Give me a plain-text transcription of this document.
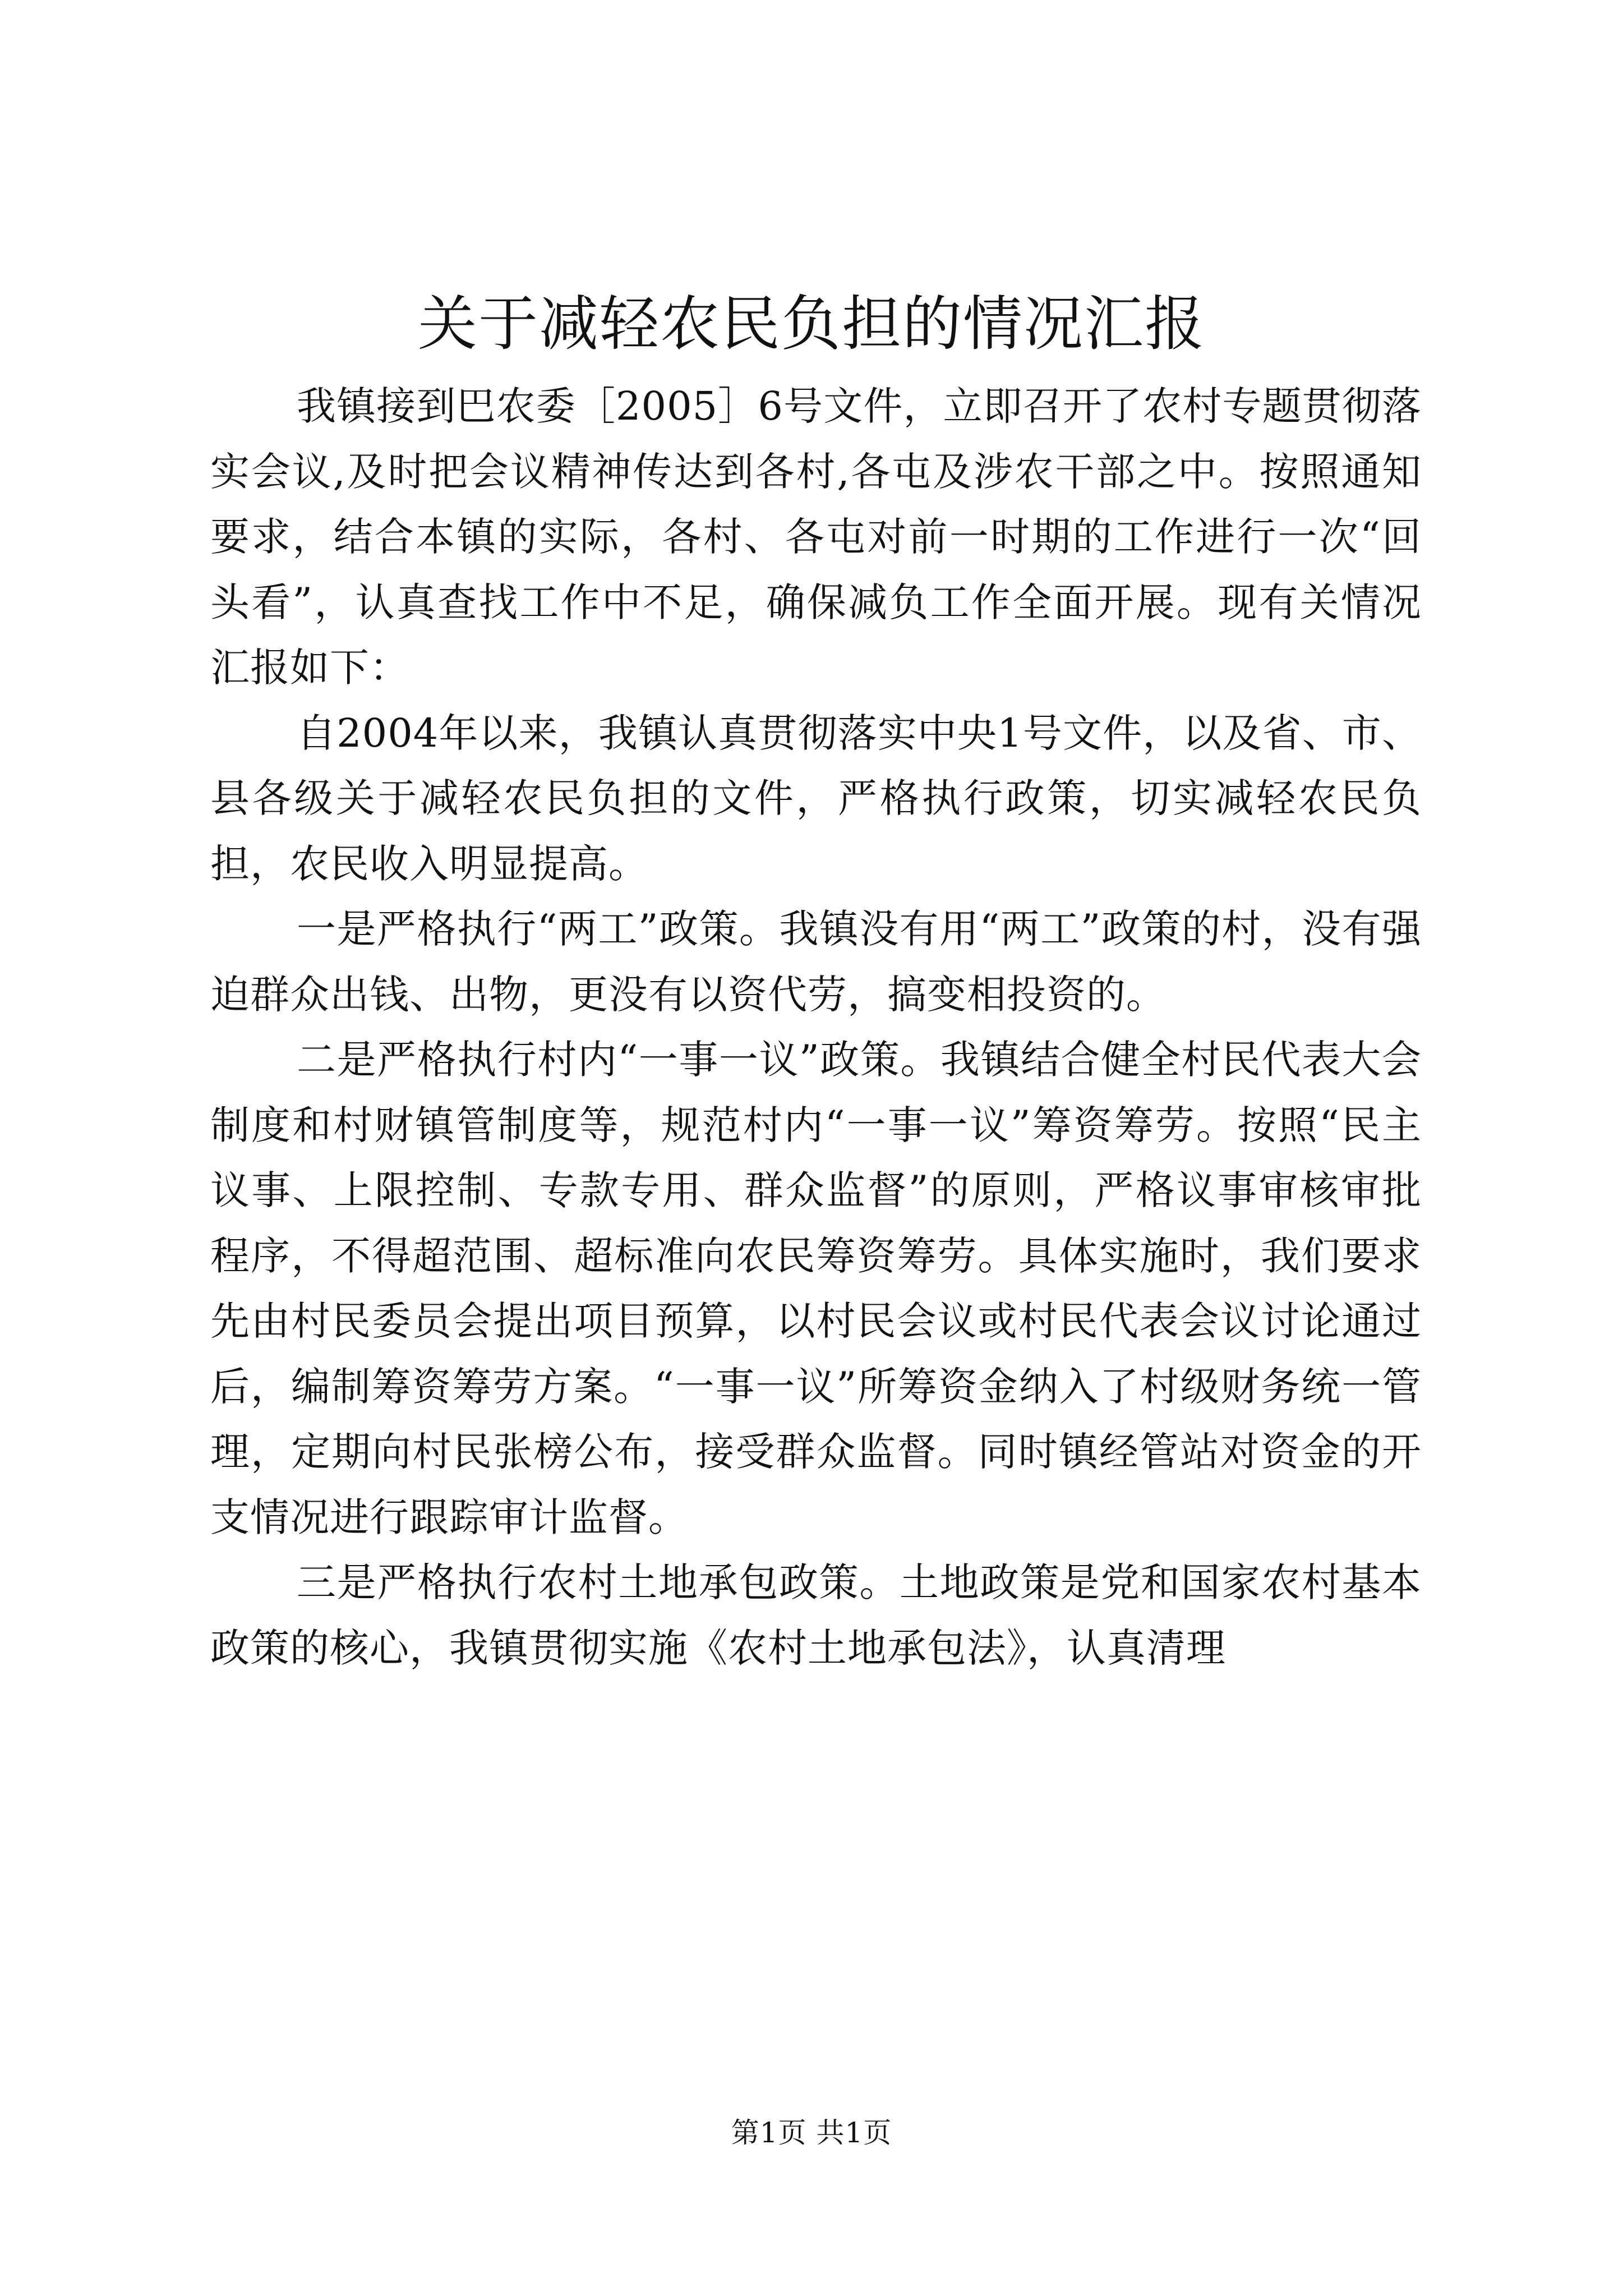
关于减轻农民负担的情况汇报

我镇接到巴农委［2005］6号文件，立即召开了农村专题贯彻落实会议,及时把会议精神传达到各村,各屯及涉农干部之中。按照通知要求，结合本镇的实际，各村、各屯对前一时期的工作进行一次“回头看”，认真查找工作中不足，确保减负工作全面开展。现有关情况汇报如下：

自2004年以来，我镇认真贯彻落实中央1号文件，以及省、市、县各级关于减轻农民负担的文件，严格执行政策，切实减轻农民负担，农民收入明显提高。

一是严格执行“两工”政策。我镇没有用“两工”政策的村，没有强迫群众出钱、出物，更没有以资代劳，搞变相投资的。

二是严格执行村内“一事一议”政策。我镇结合健全村民代表大会制度和村财镇管制度等，规范村内“一事一议”筹资筹劳。按照“民主议事、上限控制、专款专用、群众监督”的原则，严格议事审核审批程序，不得超范围、超标准向农民筹资筹劳。具体实施时，我们要求先由村民委员会提出项目预算，以村民会议或村民代表会议讨论通过后，编制筹资筹劳方案。“一事一议”所筹资金纳入了村级财务统一管理，定期向村民张榜公布，接受群众监督。同时镇经管站对资金的开支情况进行跟踪审计监督。

三是严格执行农村土地承包政策。土地政策是党和国家农村基本政策的核心，我镇贯彻实施《农村土地承包法》，认真清理

第1页 共1页
